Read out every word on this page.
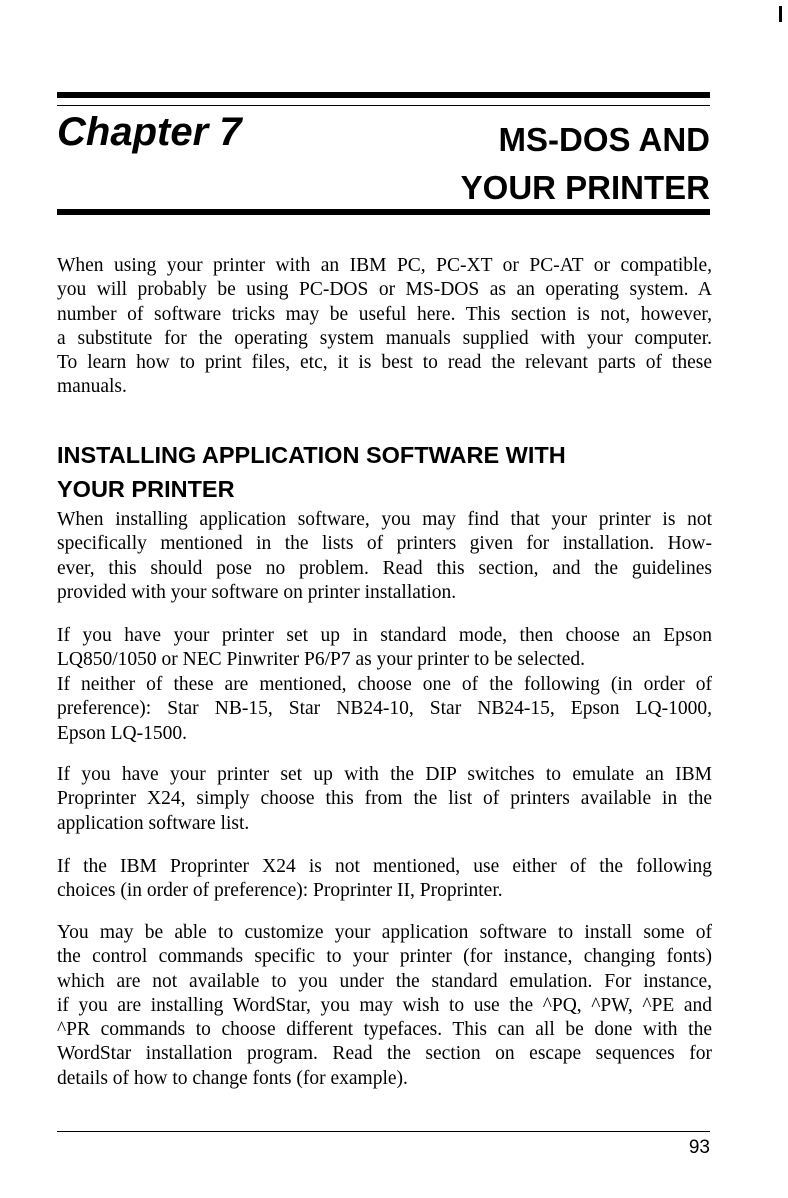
Chapter 7	MS-DOS AND
YOUR PRINTER
When using your printer with an IBM PC, PC-XT or PC-AT or compatible,
you will probably be using PC-DOS or MS-DOS as an operating system. A
number of software tricks may be useful here. This section is not, however,
a substitute for the operating system manuals supplied with your computer.
To learn how to print files, etc, it is best to read the relevant parts of these
manuals.
INSTALLING APPLICATION SOFTWARE WITH
YOUR PRINTER
When installing application software, you may find that your printer is not
specifically mentioned in the lists of printers given for installation. How-
ever, this should pose no problem. Read this section, and the guidelines
provided with your software on printer installation.
If you have your printer set up in standard mode, then choose an Epson
LQ850/1050 or NEC Pinwriter P6/P7 as your printer to be selected.
If neither of these are mentioned, choose one of the following (in order of
preference): Star NB-15, Star NB24-10, Star NB24-15, Epson LQ-1000,
Epson LQ-1500.
If you have your printer set up with the DIP switches to emulate an IBM
Proprinter X24, simply choose this from the list of printers available in the
application software list.
If the IBM Proprinter X24 is not mentioned, use either of the following
choices (in order of preference): Proprinter II, Proprinter.
You may be able to customize your application software to install some of
the control commands specific to your printer (for instance, changing fonts)
which are not available to you under the standard emulation. For instance,
if you are installing WordStar, you may wish to use the ^PQ, ^PW, ^PE and
^PR commands to choose different typefaces. This can all be done with the
WordStar installation program. Read the section on escape sequences for
details of how to change fonts (for example).
93
